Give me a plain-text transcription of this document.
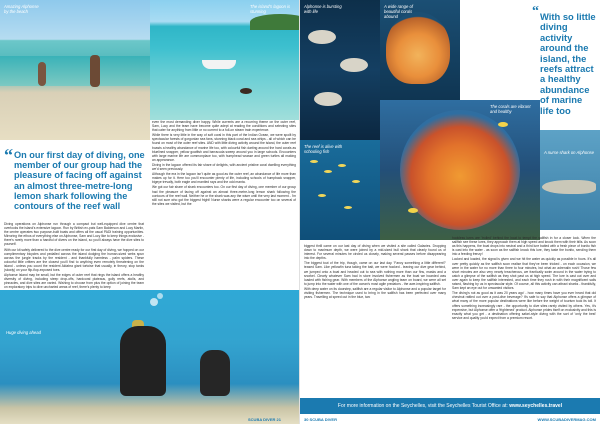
Amazing Alphonse by the beach
The island's lagoon is stunning
“ On our first day of diving, one member of our group had the pleasure of facing off against an almost three-metre-long lemon shark following the contours of the reef wall

Diving operations on Alphonse run through a compact but well-equipped dive centre that overlooks the island's extensive lagoon. Run by British ex-pats Sam Balderson and Lucy Martin, the centre operates two purpose-built boats and offers all the usual PADI training opportunities. Mirroring the ethos of everything else on Alphonse, Sam and Lucy like to keep things exclusive - there's rarely more than a handful of divers on the island, so you'll always have the dive sites to yourself.

With our kit safely delivered to the dive centre ready for our first day of diving, we hopped on our complimentary bicycles and pedalled across the island dodging the human-sized webs spun across the jungle tracks by the resident - and thankfully harmless - palm spiders. These colourful little critters are the closest you'll find to anything even remotely threatening on the island - unless you count the resident Aldabra giant tortoise that usually, in theory, stop tanks (slowly) on your flip-flop-exposed toes.

Alphonse Island may be small, but the edges of outer reef that rings the island offers a healthy diversity of diving, including steep drop-offs, hardcoral plateaus, gully reefs, atolls, and pinnacles, and dive sites are varied. Wishing to choose from plus the option of joining the team on exploratory trips to dive uncharted areas of reef, there's plenty to keep

even the most demanding diver happy. While currents are a recurring theme on the outer reef, Sam, Lucy and the team have become quite adept at reading the conditions and selecting sites that cater for anything from little or no current to a full-on steam train experience.

While there is very little in the way of soft coral in this part of the Indian Ocean, we were spoilt by spectacular forests of gorgonian sea fans, stunning black coral and sea whips - all of which can be found on most of the outer reef sites. AND with little diving activity around the island, the outer reef boasts a healthy abundance of marine life too, with colourful fish darting around the hard corals as bluelined snapper, yellow goatfish and barracuda sweep around you in large schools. Encounters with large marine life are commonplace too, with humphead wrasse and green turtles all making an appearance.

Diving in the lagoon offered its fair share of delights, with ancient pristine coral dwelling everything we'd seen previously.

Although the era in the lagoon isn't quite as good as the outer reef, an abundance of life more than makes up for it. Here too you'll encounter plenty of life, including schools of humpback snapper, bigeye trevally, both eagle and mantled rays and the odd manta.

We got our fair share of shark encounters too. On our first day of diving, one member of our group had the pleasure of facing off against an almost three-metre-long lemon shark following the contours of the reef wall. Neither he or the shark was any the wiser until the very last moment - I'm still not sure who got the biggest fright! Nurse sharks were a regular encounter too on several of the sites we visited, but the

Huge diving ahead
SCUBA DIVER 21
Alphonse is bursting with life
A wide range of beautiful corals abound
The corals are vibrant and healthy
The reef is alive with schooling fish	A nurse shark on Alphonse
“ With so little diving activity around the island, the reefs attract a healthy abundance of marine life too

biggest thrill came on our last day of diving when we visited a site called Galaxies. Dropping down to maximum depth, we were joined by a mid-sized bull shark that clearly found us of interest. For several minutes he circled us closely, making several passes before disappearing into the depths.

The biggest tout of the trip, though, came on our last day. 'Fancy something a little different?' teased Sam. Like yellowfin tuna taking the bait, we were hooked - leaving our dive gear behind, we jumped onto a boat and headed out to sea with nothing more than our fins, masks and a snorkel. Clearly whatever Sam had in store involved fishermen as the boat we boarded was loaded with fishing gear. With members of the Alphonse angling team on board, we were all set to jump into the water with one of the ocean's most agile predators - the awe-inspiring sailfish.

With deep water on its doorstep, sailfish are a regular visitor to Alphonse and a popular target for visiting fishermen. The technique used to bring in the sailfish has been perfected over many years. Travelling at speed out in the blue, two

hookless lures are 'trolled' behind the boat to tempt the sailfish in for a closer look. When the sailfish see these lures, they approach them at high speed and knock them with their bills. As soon as this happens, the boat drops into neutral and a third lure baited with a fresh piece of bonito fish is cast into the water - as soon as the sailfish knock this lure, they taste the bonito, sending them into a feeding frenzy!

Locked and loaded, the signal is given and we hit the water as quickly as possible in fours. It's all over pretty quickly as the sailfish soon realise that they've been tricked - on each occasion, we were in the water for no more than three to four minutes, but what an adrenalin rush! Those few short minutes are also very nearly treacherous, we frantically swim around in the water trying to catch a glimpse of the sailfish as they shot past us at high speed. The lure is cast out over and over again to keep the sailfish interested, and each time they rush in with their magnificent sails raised, flashing by us in spectacular style. Of course, all this activity can attract sharks - thankfully, Sam kept an eye out for unwanted visitors.

The diving's not as good as it was 20 years ago' - how many times have you ever heard that old chestnut rattled out over a post-dive beverage? It's safe to say that Alphonse offers a glimpse of what many of the more popular destinations were like before the weight of tourism took its toll. It offers something increasingly rare - the opportunity to dive sites rarely visited by others. Yes, it's expensive, but Alphonse offer a 'frightened' product. Alphonse prides itself on exclusivity and this is exactly what you get - a destination offering safari-style diving with the sort of 'only the best' service and quality you'd expect from a premium resort.

For more information on the Seychelles, visit the Seychelles Tourist Office at: www.seychelles.travel
30 SCUBA DIVER	WWW.SCUBADIVERMAG.COM
